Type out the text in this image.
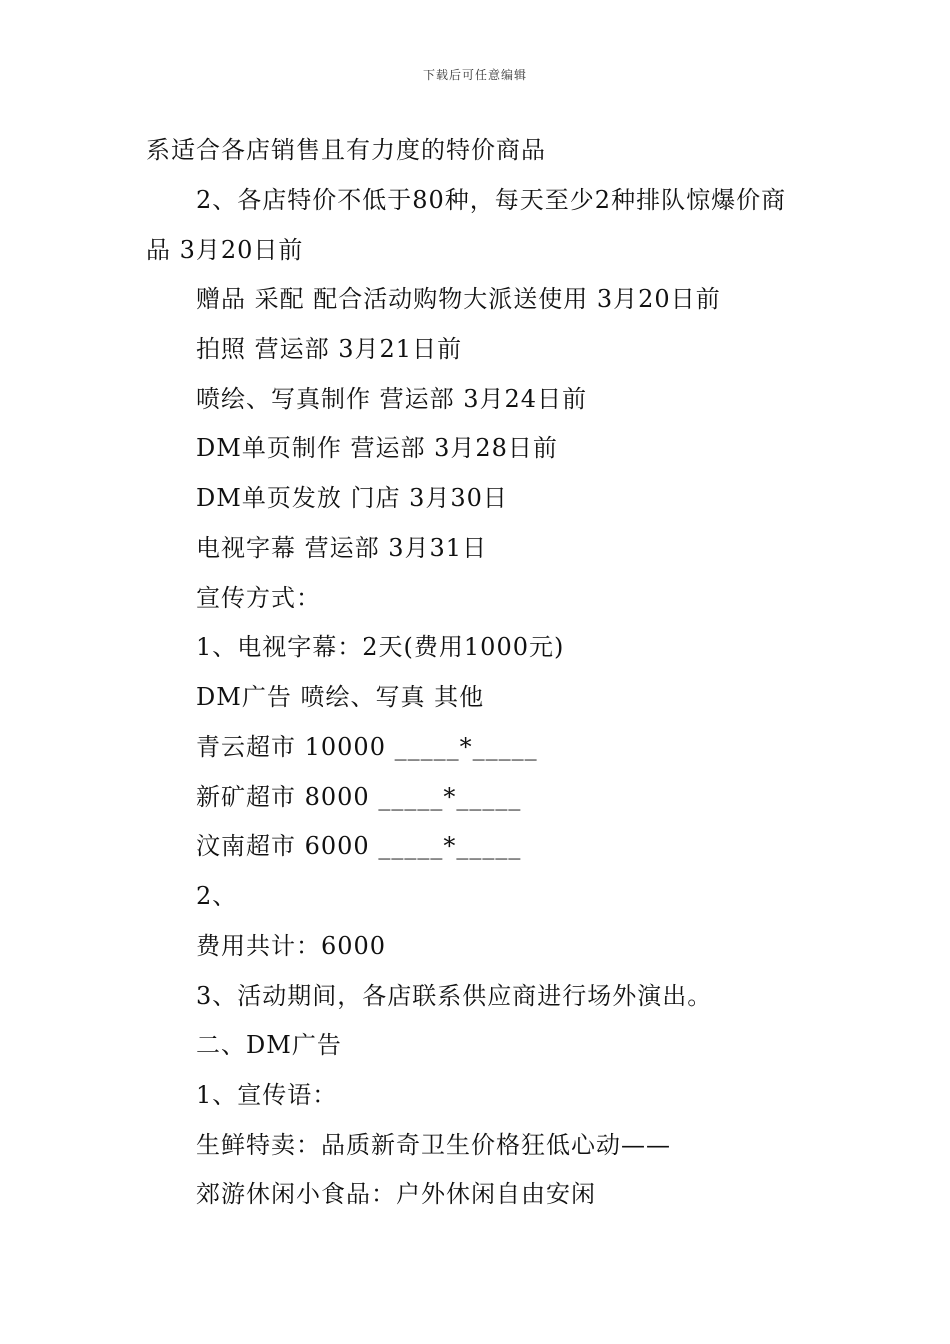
下载后可任意编辑
系适合各店销售且有力度的特价商品
2、各店特价不低于80种，每天至少2种排队惊爆价商
品 3月20日前
赠品 采配 配合活动购物大派送使用 3月20日前
拍照 营运部 3月21日前
喷绘、写真制作 营运部 3月24日前
DM单页制作 营运部 3月28日前
DM单页发放 门店 3月30日
电视字幕 营运部 3月31日
宣传方式：
1、电视字幕：2天(费用1000元)
DM广告 喷绘、写真 其他
青云超市 10000 _____*_____
新矿超市 8000 _____*_____
汶南超市 6000 _____*_____
2、
费用共计：6000
3、活动期间，各店联系供应商进行场外演出。
二、DM广告
1、宣传语：
生鲜特卖：品质新奇卫生价格狂低心动——
郊游休闲小食品：户外休闲自由安闲
